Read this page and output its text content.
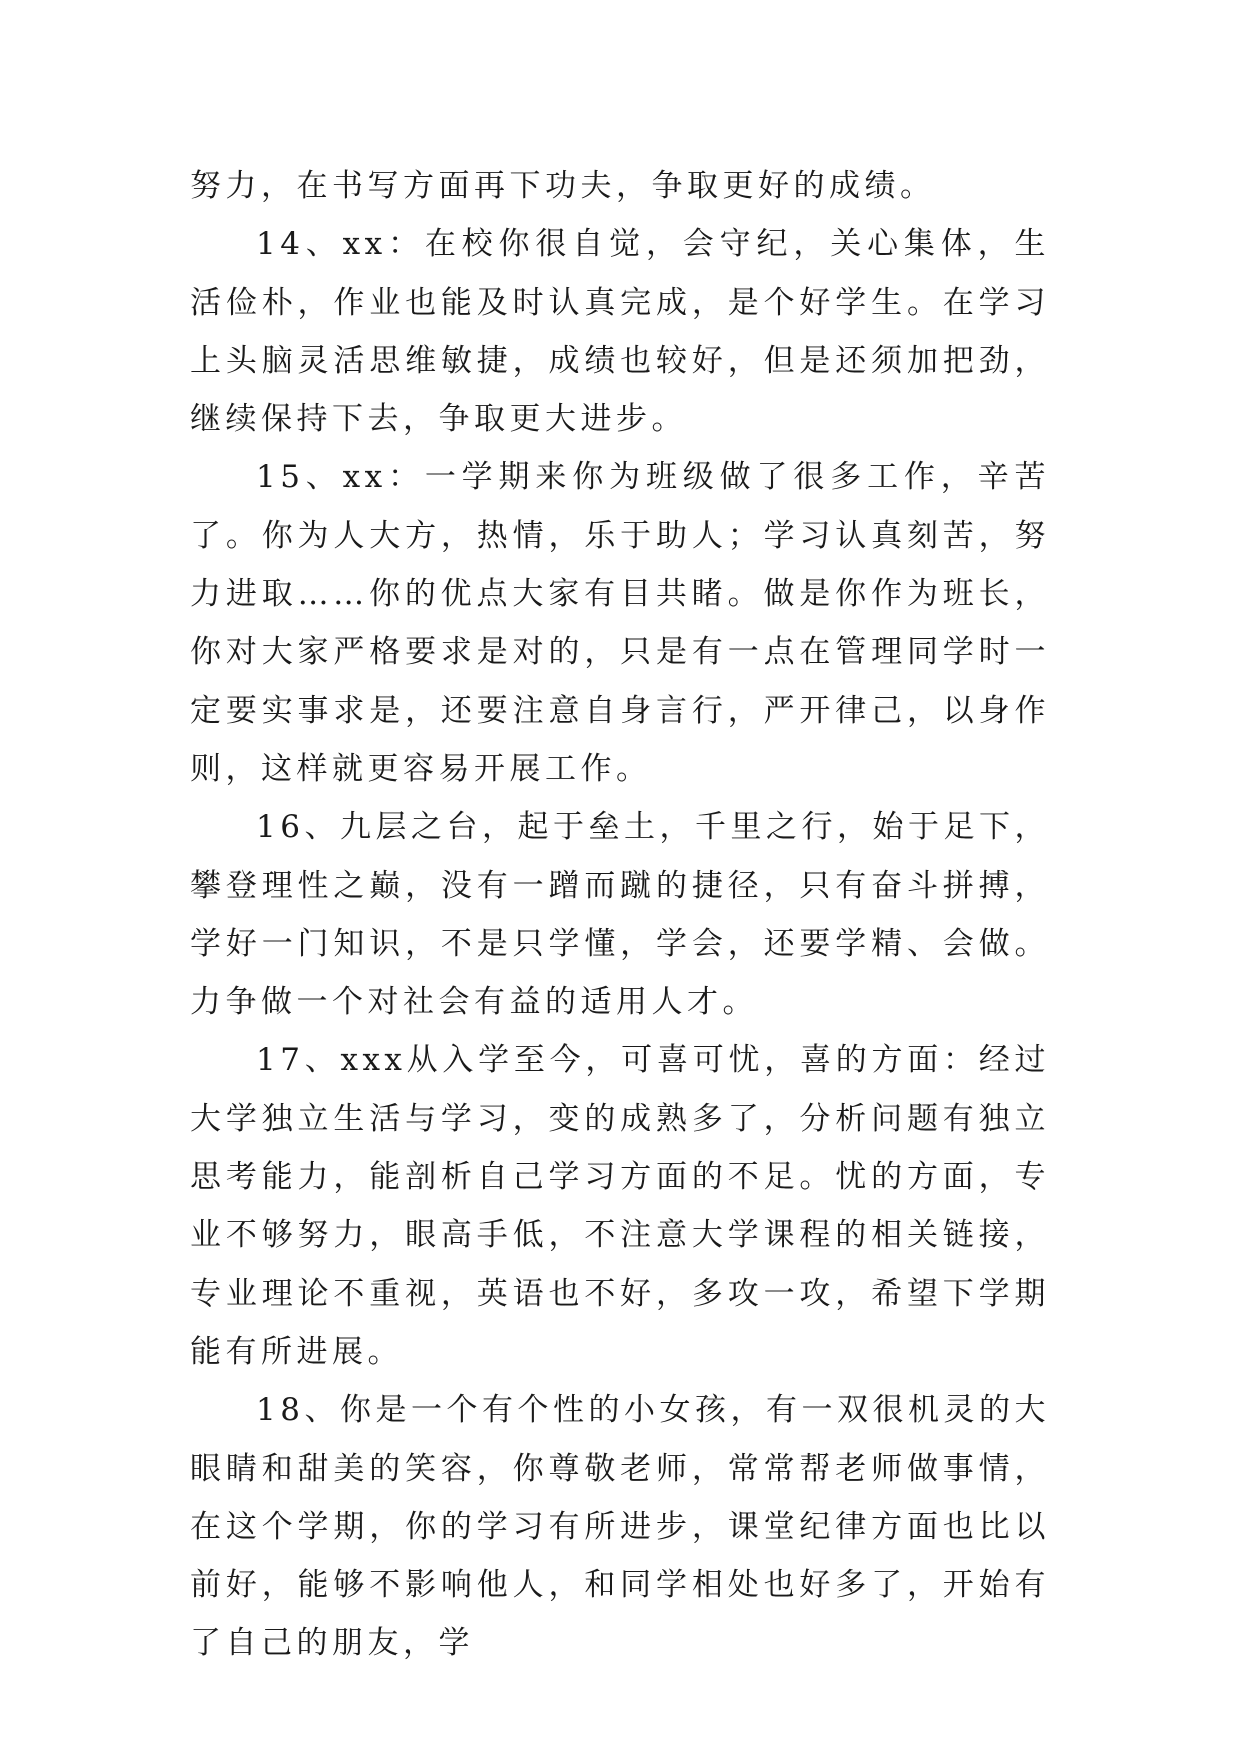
努力，在书写方面再下功夫，争取更好的成绩。

14、xx：在校你很自觉，会守纪，关心集体，生活俭朴，作业也能及时认真完成，是个好学生。在学习上头脑灵活思维敏捷，成绩也较好，但是还须加把劲，继续保持下去，争取更大进步。

15、xx：一学期来你为班级做了很多工作，辛苦了。你为人大方，热情，乐于助人；学习认真刻苦，努力进取……你的优点大家有目共睹。做是你作为班长，你对大家严格要求是对的，只是有一点在管理同学时一定要实事求是，还要注意自身言行，严开律己，以身作则，这样就更容易开展工作。

16、九层之台，起于垒土，千里之行，始于足下，攀登理性之巅，没有一蹭而蹴的捷径，只有奋斗拼搏，学好一门知识，不是只学懂，学会，还要学精、会做。力争做一个对社会有益的适用人才。

17、xxx从入学至今，可喜可忧，喜的方面：经过大学独立生活与学习，变的成熟多了，分析问题有独立思考能力，能剖析自己学习方面的不足。忧的方面，专业不够努力，眼高手低，不注意大学课程的相关链接，专业理论不重视，英语也不好，多攻一攻，希望下学期能有所进展。

18、你是一个有个性的小女孩，有一双很机灵的大眼睛和甜美的笑容，你尊敬老师，常常帮老师做事情，在这个学期，你的学习有所进步，课堂纪律方面也比以前好，能够不影响他人，和同学相处也好多了，开始有了自己的朋友，学
